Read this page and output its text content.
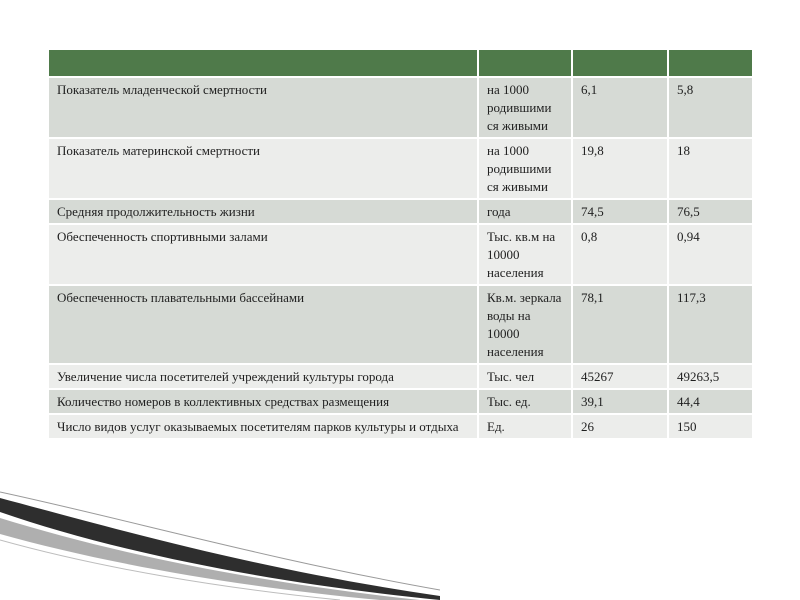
Показатель младенческой смертности	на 1000 родившими ся живыми	6,1	5,8
Показатель материнской смертности	на 1000 родившими ся живыми	19,8	18
Средняя продолжительность жизни	года	74,5	76,5
Обеспеченность спортивными залами	Тыс. кв.м на 10000 населения	0,8	0,94
Обеспеченность плавательными бассейнами	Кв.м. зеркала воды на 10000 населения	78,1	117,3
Увеличение числа посетителей учреждений культуры города	Тыс. чел	45267	49263,5
Количество номеров в коллективных средствах размещения	Тыс. ед.	39,1	44,4
Число видов услуг оказываемых посетителям парков культуры и отдыха	Ед.	26	150
